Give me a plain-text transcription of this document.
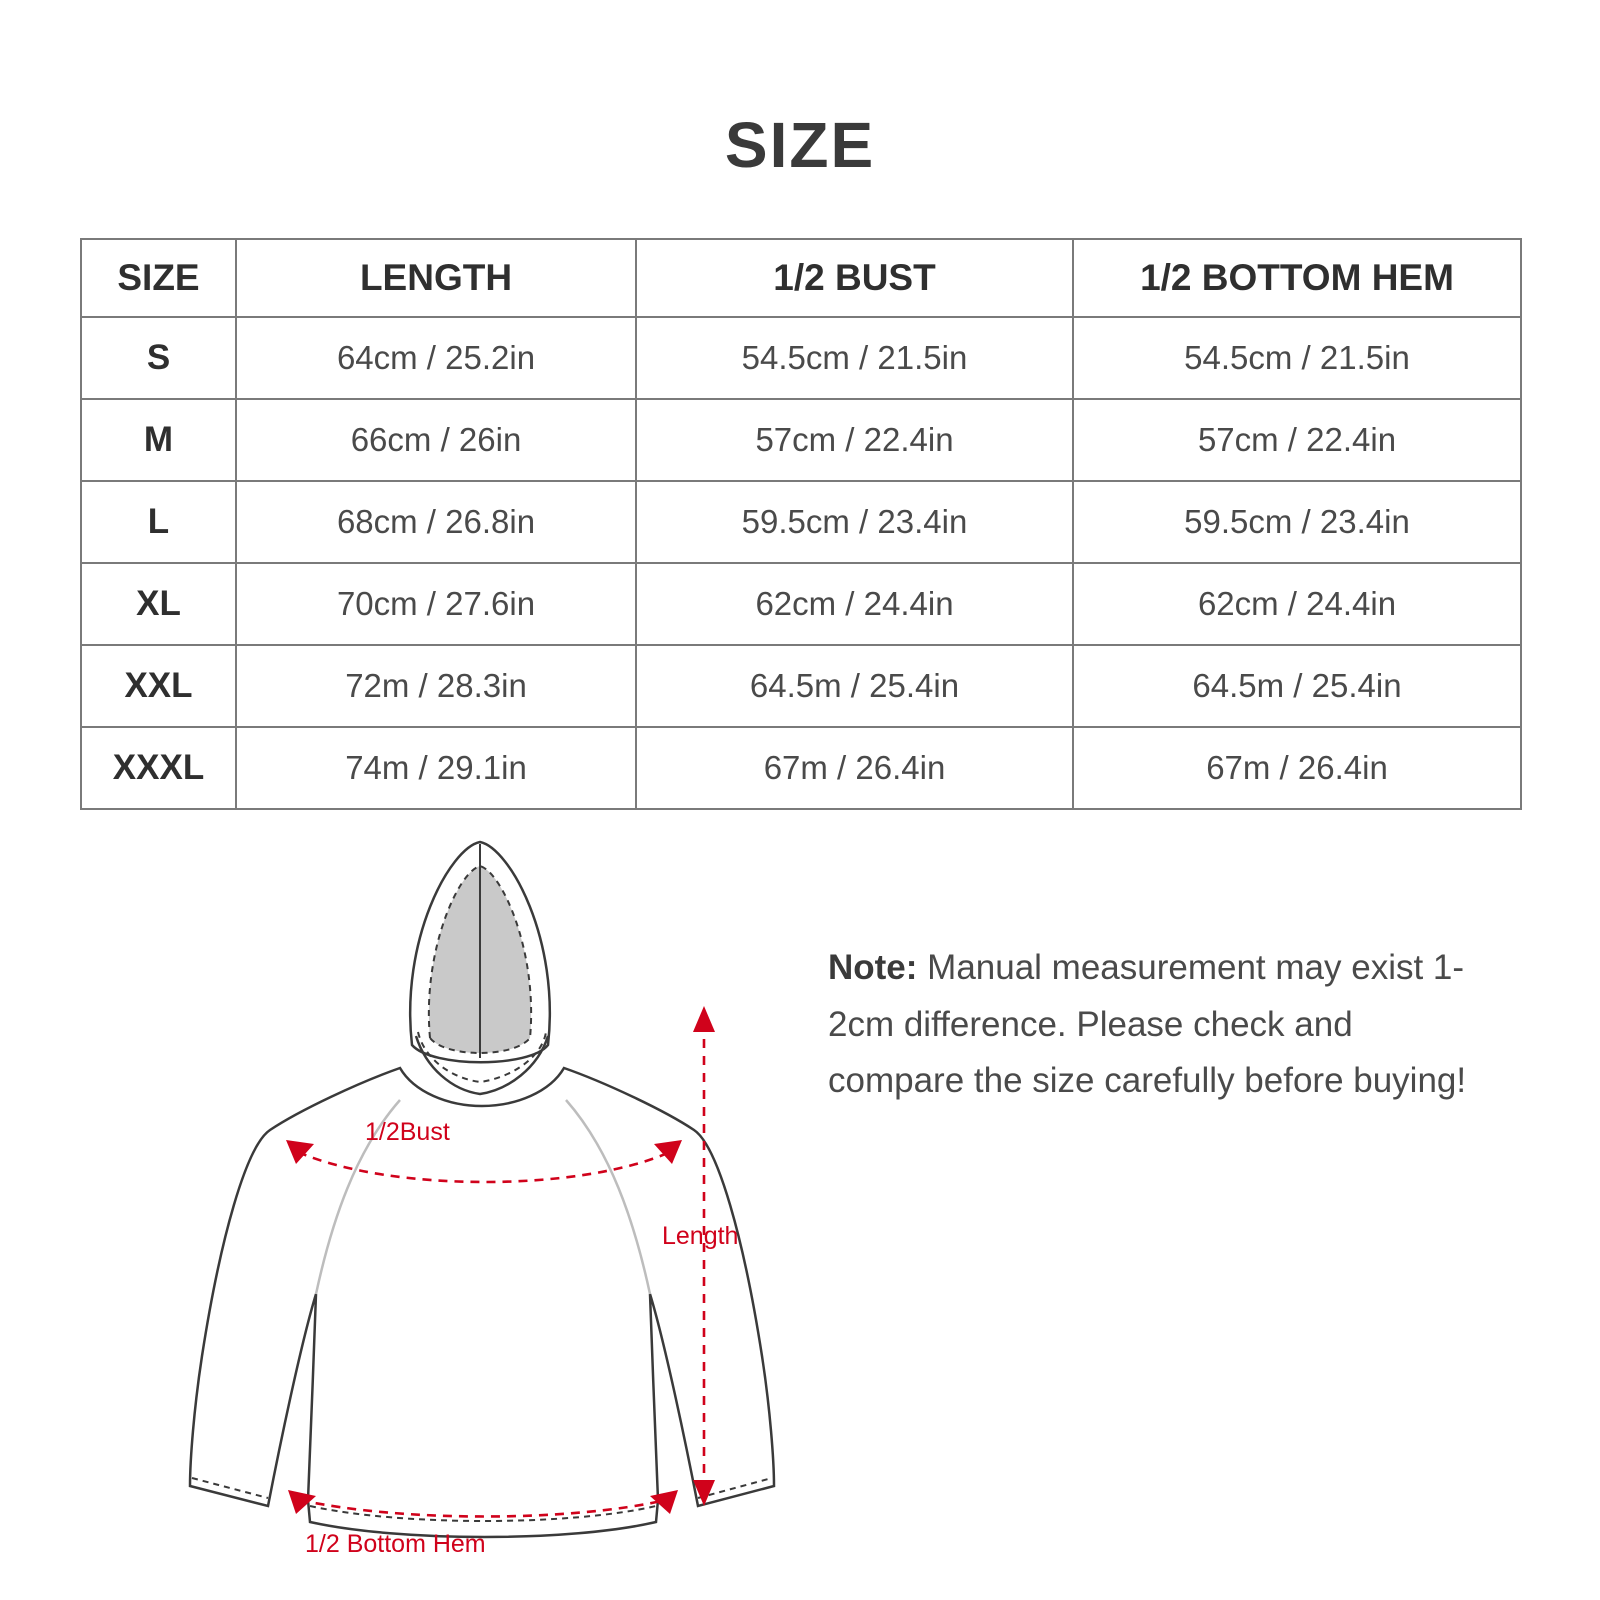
SIZE
SIZE	LENGTH	1/2 BUST	1/2 BOTTOM HEM
S	64cm / 25.2in	54.5cm / 21.5in	54.5cm / 21.5in
M	66cm / 26in	57cm / 22.4in	57cm / 22.4in
L	68cm / 26.8in	59.5cm / 23.4in	59.5cm / 23.4in
XL	70cm / 27.6in	62cm / 24.4in	62cm / 24.4in
XXL	72m / 28.3in	64.5m / 25.4in	64.5m / 25.4in
XXXL	74m / 29.1in	67m / 26.4in	67m / 26.4in
1/2Bust
Length
1/2 Bottom Hem
Note: Manual measurement may exist 1-2cm difference. Please check and compare the size carefully before buying!
